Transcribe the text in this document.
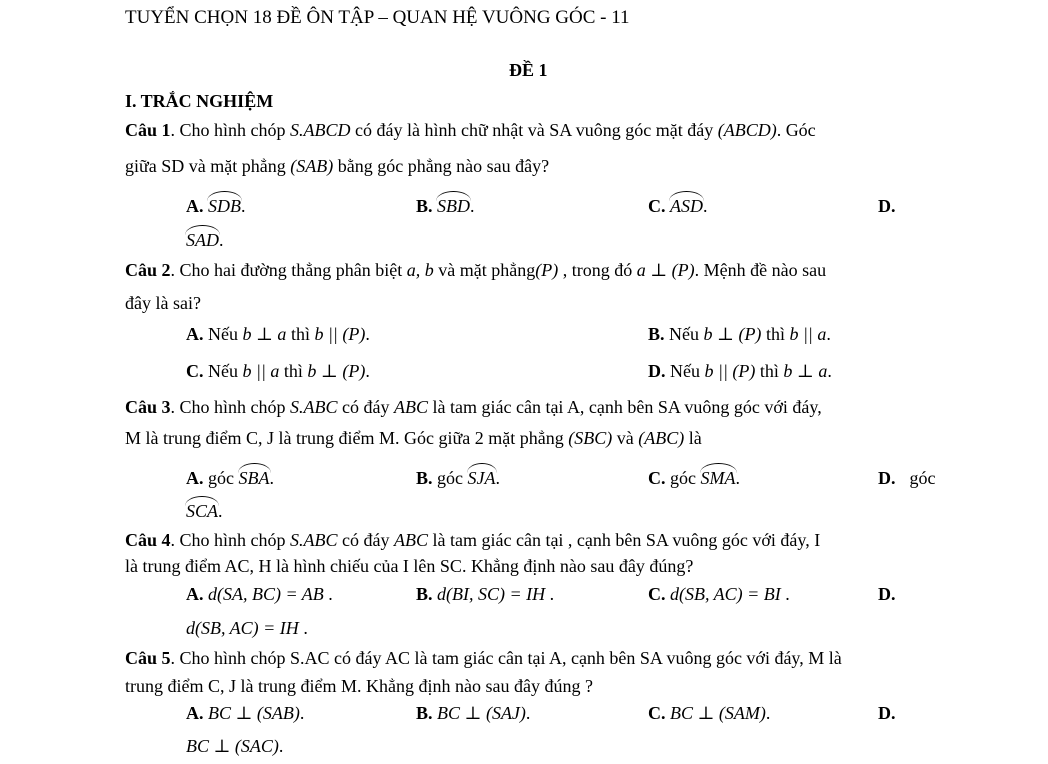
TUYỂN CHỌN 18 ĐỀ ÔN TẬP – QUAN HỆ VUÔNG GÓC - 11
ĐỀ 1
I. TRẮC NGHIỆM
Câu 1. Cho hình chóp S.ABCD có đáy là hình chữ nhật và SA vuông góc mặt đáy (ABCD). Góc
giữa SD và mặt phẳng (SAB) bằng góc phẳng nào sau đây?
A. SDB.	B. SBD.	C. ASD.	D.
SAD.
Câu 2. Cho hai đường thẳng phân biệt a, b và mặt phẳng(P) , trong đó a ⊥ (P). Mệnh đề nào sau
đây là sai?
A. Nếu b ⊥ a thì b || (P).	B. Nếu b ⊥ (P) thì b || a.
C. Nếu b || a thì b ⊥ (P).	D. Nếu b || (P) thì b ⊥ a.
Câu 3. Cho hình chóp S.ABC có đáy ABC là tam giác cân tại A, cạnh bên SA vuông góc với đáy,
M là trung điểm C, J là trung điểm M. Góc giữa 2 mặt phẳng (SBC) và (ABC) là
A. góc SBA.	B. góc SJA.	C. góc SMA.	D. góc
SCA.
Câu 4. Cho hình chóp S.ABC có đáy ABC là tam giác cân tại , cạnh bên SA vuông góc với đáy, I
là trung điểm AC, H là hình chiếu của I lên SC. Khẳng định nào sau đây đúng?
A. d(SA, BC) = AB .	B. d(BI, SC) = IH .	C. d(SB, AC) = BI .	D.
d(SB, AC) = IH .
Câu 5. Cho hình chóp S.AC có đáy AC là tam giác cân tại A, cạnh bên SA vuông góc với đáy, M là
trung điểm C, J là trung điểm M. Khẳng định nào sau đây đúng ?
A. BC ⊥ (SAB).	B. BC ⊥ (SAJ).	C. BC ⊥ (SAM).	D.
BC ⊥ (SAC).
